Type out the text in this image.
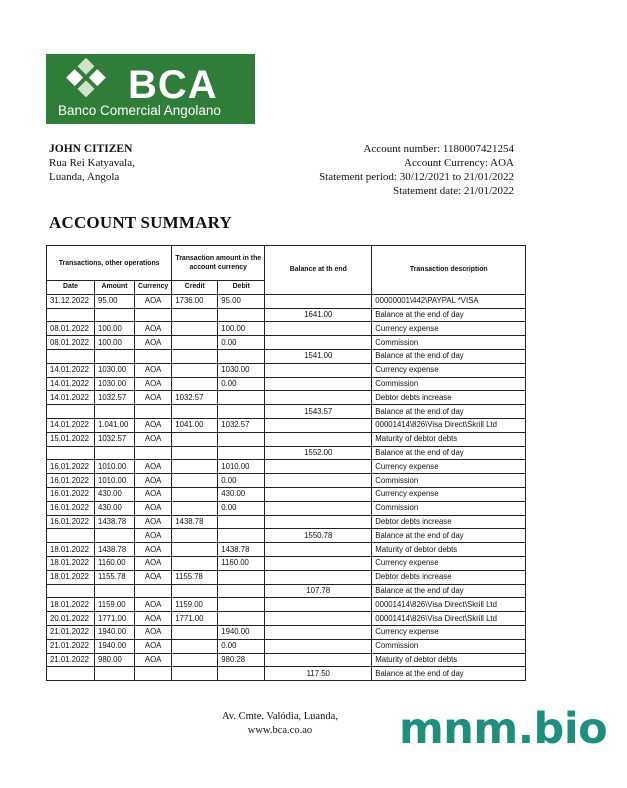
BCA
Banco Comercial Angolano
JOHN CITIZEN
Rua Rei Katyavala,
Luanda, Angola
Account number: 1180007421254
Account Currency: AOA
Statement period: 30/12/2021 to 21/01/2022
Statement date: 21/01/2022
ACCOUNT SUMMARY
Transactions, other operations			Transaction amount in the account currency		Balance at th end	Transaction description
Date	Amount	Currency	Credit	Debit		
31.12.2022	95.00	AOA	1736.00	95.00		00000001\442\PAYPAL *VISA
					1641.00	Balance at the end of day
08.01.2022	100.00	AOA		100.00		Currency expense
08.01.2022	100.00	AOA		0.00		Commission
					1541.00	Balance at the end of day
14.01.2022	1030.00	AOA		1030.00		Currency expense
14.01.2022	1030.00	AOA		0.00		Commission
14.01.2022	1032.57	AOA	1032.57			Debtor debts increase
					1543.57	Balance at the end of day
14.01.2022	1.041.00	AOA	1041.00	1032.57		00001414\826\Visa Direct\Skrill Ltd
15.01.2022	1032.57	AOA				Maturity of debtor debts
					1552.00	Balance at the end of day
16.01.2022	1010.00	AOA		1010.00		Currency expense
16.01.2022	1010.00	AOA		0.00		Commission
16.01.2022	430.00	AOA		430.00		Currency expense
16.01.2022	430.00	AOA		0.00		Commission
16.01.2022	1438.78	AOA	1438.78			Debtor debts increase
		AOA			1550.78	Balance at the end of day
18.01.2022	1438.78	AOA		1438.78		Maturity of debtor debts
18.01.2022	1160.00	AOA		1160.00		Currency expense
18.01.2022	1155.78	AOA	1155.78			Debtor debts increase
					107.78	Balance at the end of day
18.01.2022	1159.00	AOA	1159.00			00001414\826\Visa Direct\Skrill Ltd
20.01.2022	1771.00	AOA	1771.00			00001414\826\Visa Direct\Skrill Ltd
21.01.2022	1940.00	AOA		1940.00		Currency expense
21.01.2022	1940.00	AOA		0.00		Commission
21.01.2022	980.00	AOA		980.28		Maturity of debtor debts
					117.50	Balance at the end of day
Av. Cmte. Valódia, Luanda,
www.bca.co.ao	mnm.bio
